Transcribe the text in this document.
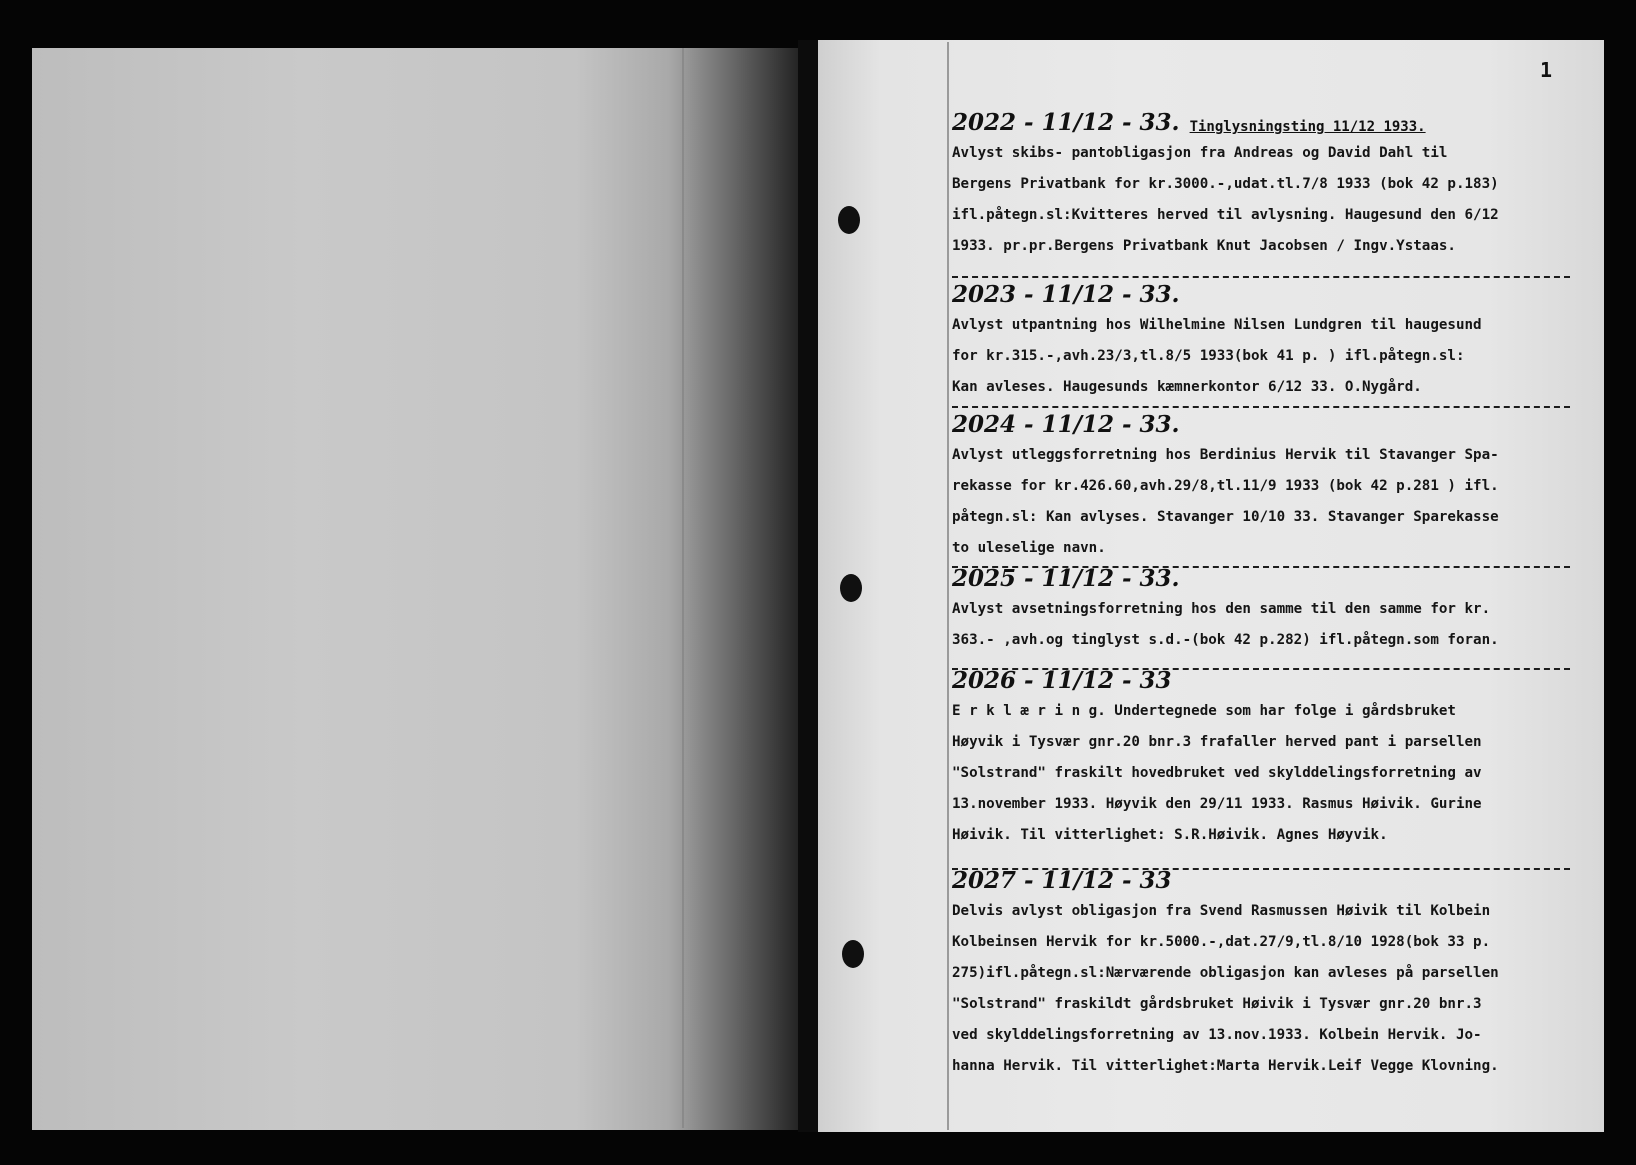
1
2022 - 11/12 - 33. Tinglysningsting 11/12 1933.
Avlyst skibs- pantobligasjon fra Andreas og David Dahl til
Bergens Privatbank for kr.3000.-,udat.tl.7/8 1933 (bok 42 p.183)
ifl.påtegn.sl:Kvitteres herved til avlysning. Haugesund den 6/12
1933. pr.pr.Bergens Privatbank Knut Jacobsen / Ingv.Ystaas.
2023 - 11/12 - 33.
Avlyst utpantning hos Wilhelmine Nilsen Lundgren til haugesund
for kr.315.-,avh.23/3,tl.8/5 1933(bok 41 p. ) ifl.påtegn.sl:
Kan avleses. Haugesunds kæmnerkontor 6/12 33. O.Nygård.
2024 - 11/12 - 33.
Avlyst utleggsforretning hos Berdinius Hervik til Stavanger Spa-
rekasse for kr.426.60,avh.29/8,tl.11/9 1933 (bok 42 p.281 ) ifl.
påtegn.sl: Kan avlyses. Stavanger 10/10 33. Stavanger Sparekasse
to uleselige navn.
2025 - 11/12 - 33.
Avlyst avsetningsforretning hos den samme til den samme for kr.
363.- ,avh.og tinglyst s.d.-(bok 42 p.282) ifl.påtegn.som foran.
2026 - 11/12 - 33
E r k l æ r i n g. Undertegnede som har folge i gårdsbruket
Høyvik i Tysvær gnr.20 bnr.3 frafaller herved pant i parsellen
"Solstrand" fraskilt hovedbruket ved skylddelingsforretning av
13.november 1933. Høyvik den 29/11 1933. Rasmus Høivik. Gurine
Høivik. Til vitterlighet: S.R.Høivik. Agnes Høyvik.
2027 - 11/12 - 33
Delvis avlyst obligasjon fra Svend Rasmussen Høivik til Kolbein
Kolbeinsen Hervik for kr.5000.-,dat.27/9,tl.8/10 1928(bok 33 p.
275)ifl.påtegn.sl:Nærværende obligasjon kan avleses på parsellen
"Solstrand" fraskildt gårdsbruket Høivik i Tysvær gnr.20 bnr.3
ved skylddelingsforretning av 13.nov.1933. Kolbein Hervik. Jo-
hanna Hervik. Til vitterlighet:Marta Hervik.Leif Vegge Klovning.
